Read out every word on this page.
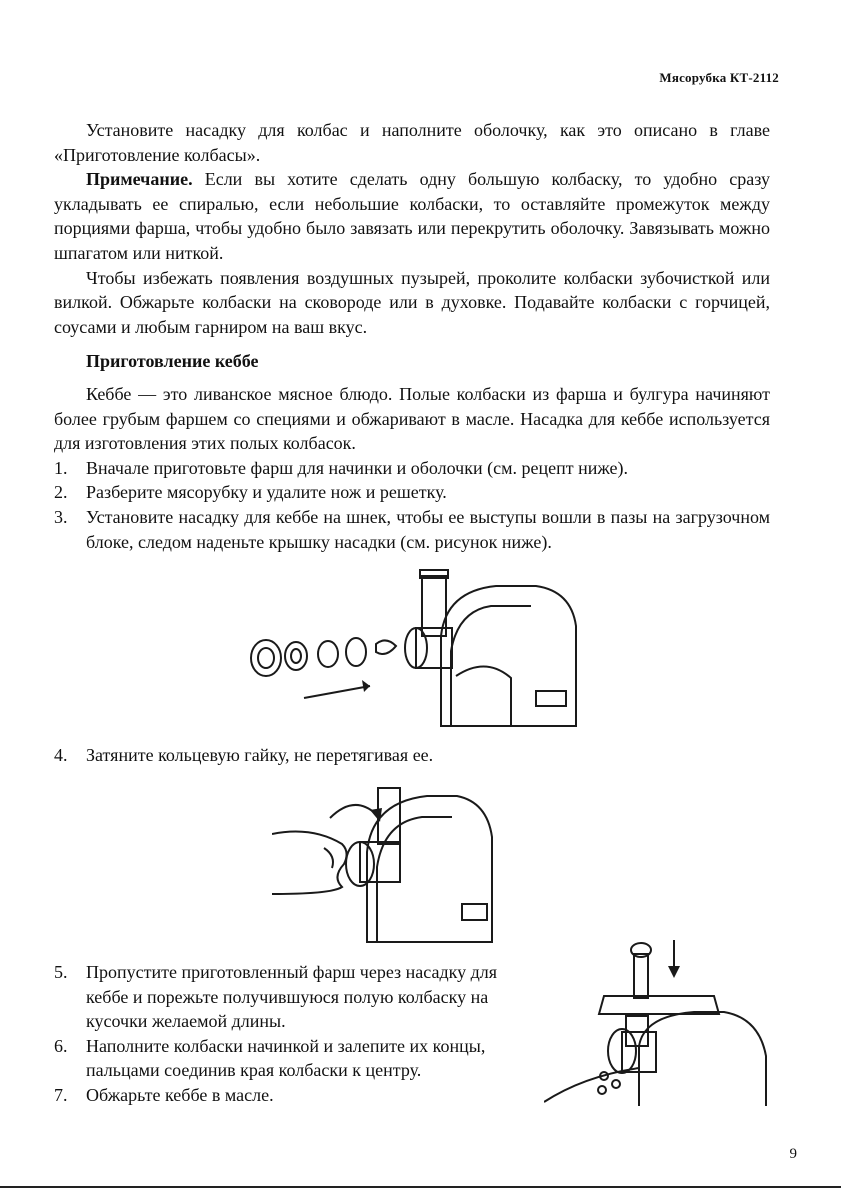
Мясорубка КТ-2112

Установите насадку для колбас и наполните оболочку, как это описано в главе «Приготовление колбасы».

Примечание. Если вы хотите сделать одну большую колбаску, то удобно сразу укладывать ее спиралью, если небольшие колбаски, то оставляйте промежуток между порциями фарша, чтобы удобно было завязать или перекрутить оболочку. Завязывать можно шпагатом или ниткой.

Чтобы избежать появления воздушных пузырей, проколите колбаски зубочисткой или вилкой. Обжарьте колбаски на сковороде или в духовке. Подавайте колбаски с горчицей, соусами и любым гарниром на ваш вкус.

Приготовление кеббе

Кеббе — это ливанское мясное блюдо. Полые колбаски из фарша и булгура начиняют более грубым фаршем со специями и обжаривают в масле. Насадка для кеббе используется для изготовления этих полых колбасок.

1. Вначале приготовьте фарш для начинки и оболочки (см. рецепт ниже).

2. Разберите мясорубку и удалите нож и решетку.

3. Установите насадку для кеббе на шнек, чтобы ее выступы вошли в пазы на загрузочном блоке, следом наденьте крышку насадки (см. рисунок ниже).

4. Затяните кольцевую гайку, не перетягивая ее.

5. Пропустите приготовленный фарш через насадку для кеббе и порежьте получившуюся полую колбаску на кусочки желаемой длины.

6. Наполните колбаски начинкой и залепите их концы, пальцами соединив края колбаски к центру.

7. Обжарьте кеббе в масле.

9
